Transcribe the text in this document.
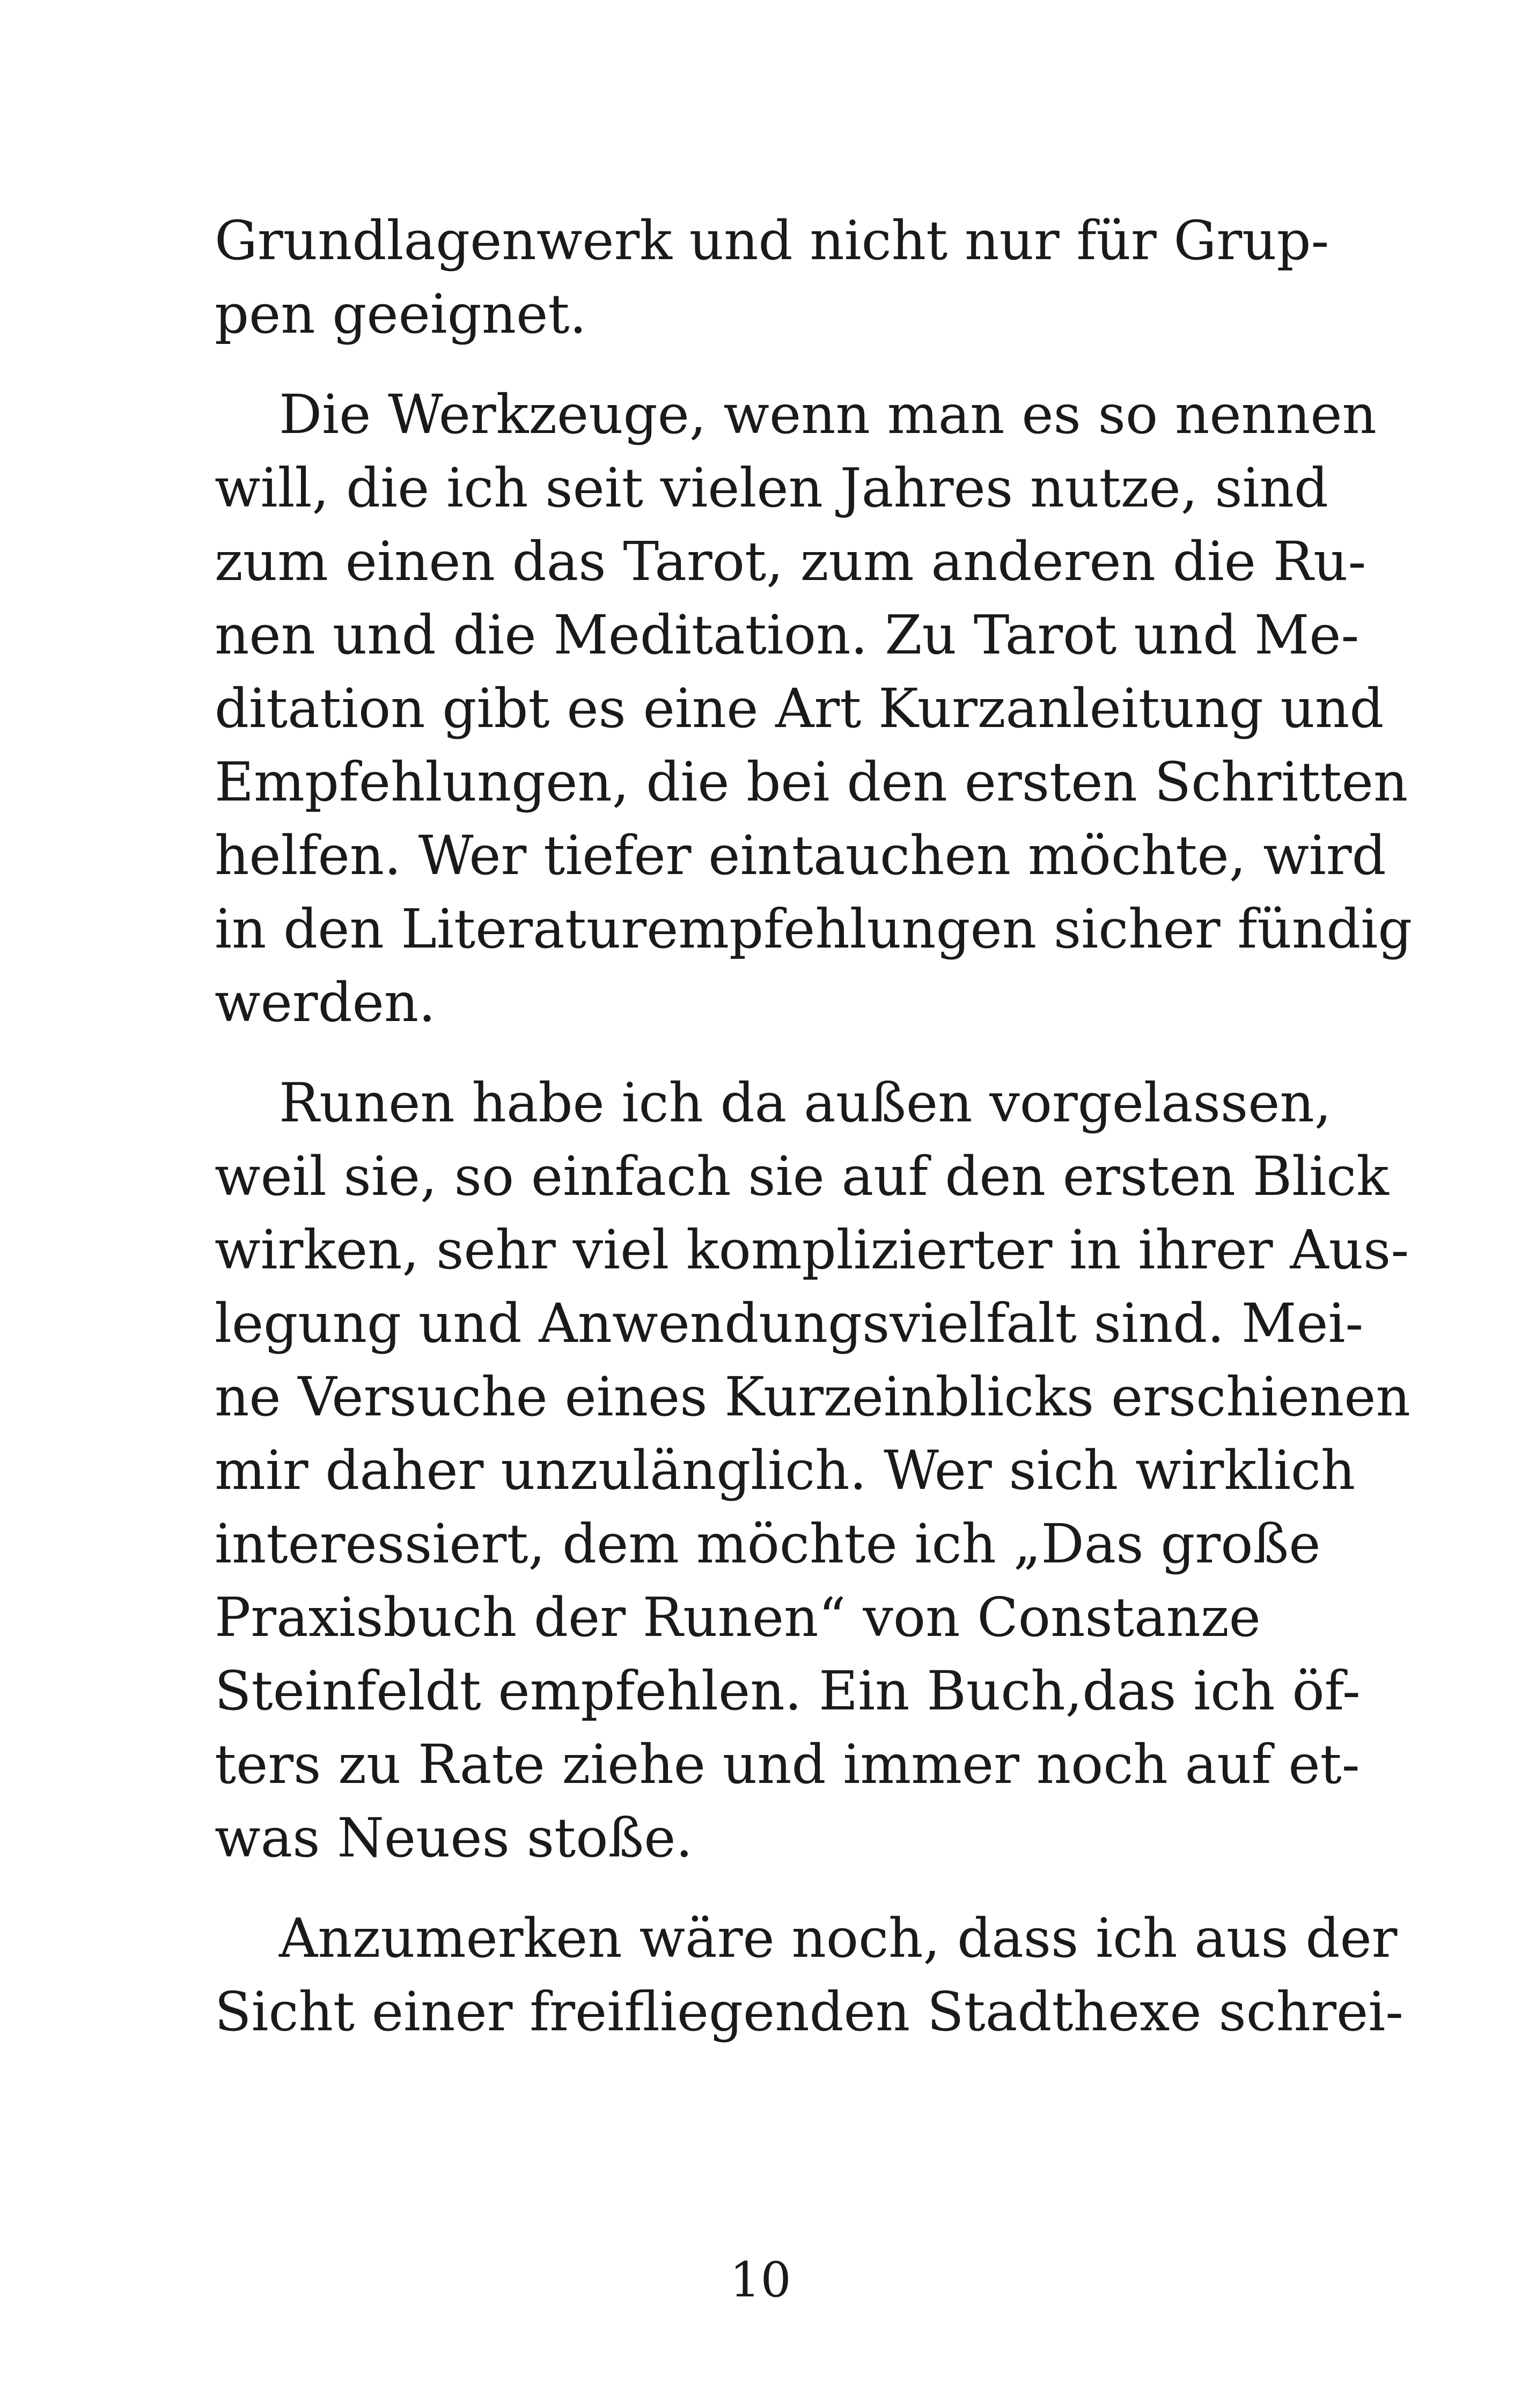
Grundlagenwerk und nicht nur für Grup-
pen geeignet.
Die Werkzeuge, wenn man es so nennen
will, die ich seit vielen Jahres nutze, sind
zum einen das Tarot, zum anderen die Ru-
nen und die Meditation. Zu Tarot und Me-
ditation gibt es eine Art Kurzanleitung und
Empfehlungen, die bei den ersten Schritten
helfen. Wer tiefer eintauchen möchte, wird
in den Literaturempfehlungen sicher fündig
werden.
Runen habe ich da außen vorgelassen,
weil sie, so einfach sie auf den ersten Blick
wirken, sehr viel komplizierter in ihrer Aus-
legung und Anwendungsvielfalt sind. Mei-
ne Versuche eines Kurzeinblicks erschienen
mir daher unzulänglich. Wer sich wirklich
interessiert, dem möchte ich „Das große
Praxisbuch der Runen“ von Constanze
Steinfeldt empfehlen. Ein Buch,das ich öf-
ters zu Rate ziehe und immer noch auf et-
was Neues stoße.
Anzumerken wäre noch, dass ich aus der
Sicht einer freifliegenden Stadthexe schrei-
10
